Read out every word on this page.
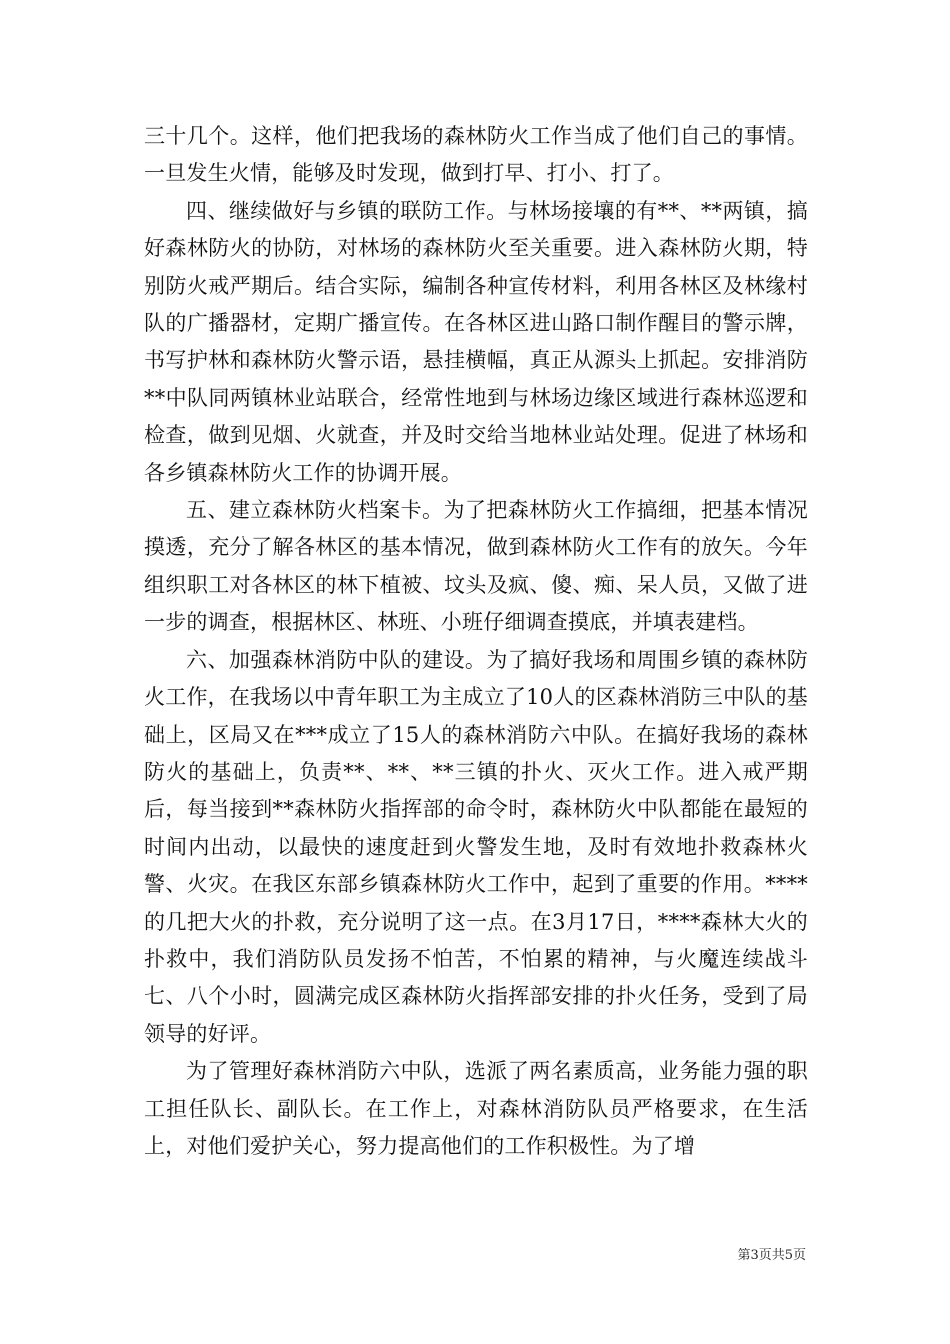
三十几个。这样，他们把我场的森林防火工作当成了他们自己的事情。一旦发生火情，能够及时发现，做到打早、打小、打了。

四、继续做好与乡镇的联防工作。与林场接壤的有**、**两镇，搞好森林防火的协防，对林场的森林防火至关重要。进入森林防火期，特别防火戒严期后。结合实际，编制各种宣传材料，利用各林区及林缘村队的广播器材，定期广播宣传。在各林区进山路口制作醒目的警示牌，书写护林和森林防火警示语，悬挂横幅，真正从源头上抓起。安排消防**中队同两镇林业站联合，经常性地到与林场边缘区域进行森林巡逻和检查，做到见烟、火就查，并及时交给当地林业站处理。促进了林场和各乡镇森林防火工作的协调开展。

五、建立森林防火档案卡。为了把森林防火工作搞细，把基本情况摸透，充分了解各林区的基本情况，做到森林防火工作有的放矢。今年组织职工对各林区的林下植被、坟头及疯、傻、痴、呆人员，又做了进一步的调查，根据林区、林班、小班仔细调查摸底，并填表建档。

六、加强森林消防中队的建设。为了搞好我场和周围乡镇的森林防火工作，在我场以中青年职工为主成立了10人的区森林消防三中队的基础上，区局又在***成立了15人的森林消防六中队。在搞好我场的森林防火的基础上，负责**、**、**三镇的扑火、灭火工作。进入戒严期后，每当接到**森林防火指挥部的命令时，森林防火中队都能在最短的时间内出动，以最快的速度赶到火警发生地，及时有效地扑救森林火警、火灾。在我区东部乡镇森林防火工作中，起到了重要的作用。****的几把大火的扑救，充分说明了这一点。在3月17日，****森林大火的扑救中，我们消防队员发扬不怕苦，不怕累的精神，与火魔连续战斗七、八个小时，圆满完成区森林防火指挥部安排的扑火任务，受到了局领导的好评。

为了管理好森林消防六中队，选派了两名素质高，业务能力强的职工担任队长、副队长。在工作上，对森林消防队员严格要求，在生活上，对他们爱护关心，努力提高他们的工作积极性。为了增

第3页共5页
